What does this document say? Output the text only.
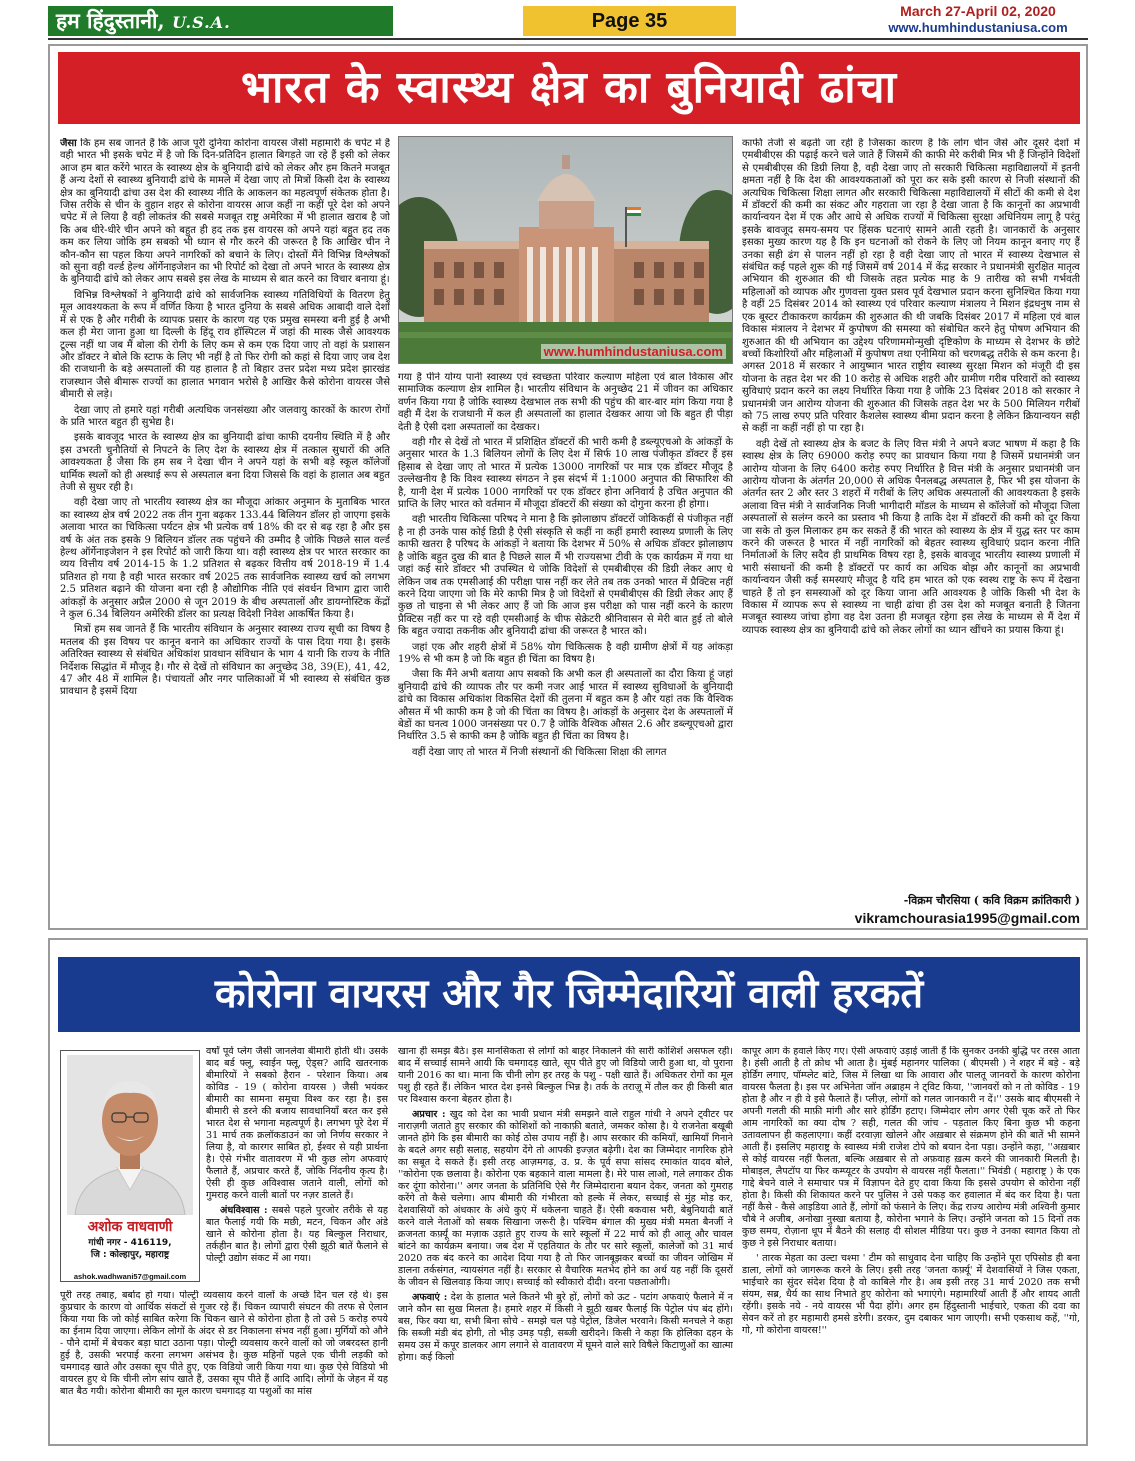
हम हिंदुस्तानी, U.S.A.	Page 35	March 27-April 02, 2020
www.humhindustaniusa.com
भारत के स्वास्थ्य क्षेत्र का बुनियादी ढांचा

जैसा कि हम सब जानते हैं कि आज पूरी दुनिया कोरोना वायरस जैसी महामारी के चपेट में है वही भारत भी इसके चपेट में है जो कि दिन-प्रतिदिन हालात बिगड़ते जा रहे हैं इसी को लेकर आज हम बात करेंगे भारत के स्वास्थ्य क्षेत्र के बुनियादी ढांचे को लेकर और हम कितने मजबूत हैं अन्य देशों से स्वास्थ्य बुनियादी ढांचे के मामले में देखा जाए तो मित्रों किसी देश के स्वास्थ्य क्षेत्र का बुनियादी ढांचा उस देश की स्वास्थ्य नीति के आकलन का महत्वपूर्ण संकेतक होता है। जिस तरीके से चीन के वुहान शहर से कोरोना वायरस आज कहीं ना कहीं पूरे देश को अपने चपेट में ले लिया है वही लोकतंत्र की सबसे मजबूत राष्ट्र अमेरिका में भी हालात खराब है जो कि अब धीरे-धीरे चीन अपने को बहुत ही हद तक इस वायरस को अपने यहां बहुत हद तक कम कर लिया जोकि हम सबको भी ध्यान से गौर करने की जरूरत है कि आखिर चीन ने कौन-कौन सा पहल किया अपने नागरिकों को बचाने के लिए। दोस्तों मैंने विभिन्न विश्लेषकों को सुना वही वर्ल्ड हेल्थ ऑर्गेनाइजेशन का भी रिपोर्ट को देखा तो अपने भारत के स्वास्थ्य क्षेत्र के बुनियादी ढांचे को लेकर आप सबसे इस लेख के माध्यम से बात करने का विचार बनाया हूं।

विभिन्न विश्लेषकों ने बुनियादी ढांचे को सार्वजनिक स्वास्थ्य गतिविधियों के वितरण हेतु मूल आवश्यकता के रूप में वर्णित किया है भारत दुनिया के सबसे अधिक आबादी वाले देशों में से एक है और गरीबी के व्यापक प्रसार के कारण यह एक प्रमुख समस्या बनी हुई है अभी कल ही मेरा जाना हुआ था दिल्ली के हिंदू राव हॉस्पिटल में जहां की मास्क जैसे आवश्यक टूल्स नहीं था जब मैं बोला की रोगी के लिए कम से कम एक दिया जाए तो वहां के प्रशासन और डॉक्टर ने बोले कि स्टाफ के लिए भी नहीं है तो फिर रोगी को कहां से दिया जाए जब देश की राजधानी के बड़े अस्पतालों की यह हालात है तो बिहार उत्तर प्रदेश मध्य प्रदेश झारखंड राजस्थान जैसे बीमारू राज्यों का हालात भगवान भरोसे है आखिर कैसे कोरोना वायरस जैसे बीमारी से लड़े।

देखा जाए तो हमारे यहां गरीबी अत्यधिक जनसंख्या और जलवायु कारकों के कारण रोगों के प्रति भारत बहुत ही सुभेद्य है।

इसके बावजूद भारत के स्वास्थ्य क्षेत्र का बुनियादी ढांचा काफी दयनीय स्थिति में है और इस उभरती चुनौतियों से निपटने के लिए देश के स्वास्थ्य क्षेत्र में तत्काल सुधारों की अति आवश्यकता है जैसा कि हम सब ने देखा चीन ने अपने यहां के सभी बड़े स्कूल कॉलेजों धार्मिक स्थलों को ही अस्थाई रूप से अस्पताल बना दिया जिससे कि वहां के हालात अब बहुत तेजी से सुधर रही है।

वही देखा जाए तो भारतीय स्वास्थ्य क्षेत्र का मौजूदा आंकार अनुमान के मुताबिक भारत का स्वास्थ्य क्षेत्र वर्ष 2022 तक तीन गुना बढ़कर 133.44 बिलियन डॉलर हो जाएगा इसके अलावा भारत का चिकित्सा पर्यटन क्षेत्र भी प्रत्येक वर्ष 18% की दर से बढ़ रहा है और इस वर्ष के अंत तक इसके 9 बिलियन डॉलर तक पहुंचने की उम्मीद है जोकि पिछले साल वर्ल्ड हेल्थ ऑर्गेनाइजेशन ने इस रिपोर्ट को जारी किया था। वही स्वास्थ्य क्षेत्र पर भारत सरकार का व्यय वित्तीय वर्ष 2014-15 के 1.2 प्रतिशत से बढ़कर वित्तीय वर्ष 2018-19 में 1.4 प्रतिशत हो गया है वही भारत सरकार वर्ष 2025 तक सार्वजनिक स्वास्थ्य खर्च को लगभग 2.5 प्रतिशत बढ़ाने की योजना बना रही है औद्योगिक नीति एवं संवर्धन विभाग द्वारा जारी आंकड़ों के अनुसार अप्रैल 2000 से जून 2019 के बीच अस्पतालों और डायग्नोस्टिक केंद्रों ने कुल 6.34 बिलियन अमेरिकी डॉलर का प्रत्यक्ष विदेशी निवेश आकर्षित किया है।

मित्रों हम सब जानते हैं कि भारतीय संविधान के अनुसार स्वास्थ्य राज्य सूची का विषय है मतलब की इस विषय पर कानून बनाने का अधिकार राज्यों के पास दिया गया है। इसके अतिरिक्त स्वास्थ्य से संबंधित अधिकांश प्रावधान संविधान के भाग 4 यानी कि राज्य के नीति निर्देशक सिद्धांत में मौजूद है। गौर से देखें तो संविधान का अनुच्छेद 38, 39(E), 41, 42, 47 और 48 में शामिल है। पंचायतों और नगर पालिकाओं में भी स्वास्थ्य से संबंधित कुछ प्रावधान है इसमें दिया

www.humhindustaniusa.com

गया है पीने योग्य पानी स्वास्थ्य एवं स्वच्छता परिवार कल्याण महिला एवं बाल विकास और सामाजिक कल्याण क्षेत्र शामिल है। भारतीय संविधान के अनुच्छेद 21 में जीवन का अधिकार वर्णन किया गया है जोकि स्वास्थ्य देखभाल तक सभी की पहुंच की बार-बार मांग किया गया है वही मैं देश के राजधानी में कल ही अस्पतालों का हालात देखकर आया जो कि बहुत ही पीड़ा देती है ऐसी दशा अस्पतालों का देखकर।

वही गौर से देखें तो भारत में प्रशिक्षित डॉक्टरों की भारी कमी है डब्ल्यूएचओ के आंकड़ों के अनुसार भारत के 1.3 बिलियन लोगों के लिए देश में सिर्फ 10 लाख पंजीकृत डॉक्टर हैं इस हिसाब से देखा जाए तो भारत में प्रत्येक 13000 नागरिकों पर मात्र एक डॉक्टर मौजूद है उल्लेखनीय है कि विश्व स्वास्थ्य संगठन ने इस संदर्भ में 1:1000 अनुपात की सिफारिश की है, यानी देश में प्रत्येक 1000 नागरिकों पर एक डॉक्टर होना अनिवार्य है उचित अनुपात की प्राप्ति के लिए भारत को वर्तमान में मौजूदा डॉक्टरों की संख्या को दोगुना करना ही होगा।

वही भारतीय चिकित्सा परिषद ने माना है कि झोलाछाप डॉक्टरों जोकिकहीं से पंजीकृत नहीं है ना ही उनके पास कोई डिग्री है ऐसी संस्कृति से कहीं ना कहीं हमारी स्वास्थ्य प्रणाली के लिए काफी खतरा है परिषद के आंकड़ों ने बताया कि देशभर में 50% से अधिक डॉक्टर झोलाछाप है जोकि बहुत दुख की बात है पिछले साल मैं भी राज्यसभा टीवी के एक कार्यक्रम में गया था जहां कई सारे डॉक्टर भी उपस्थित थे जोकि विदेशों से एमबीबीएस की डिग्री लेकर आए थे लेकिन जब तक एमसीआई की परीक्षा पास नहीं कर लेते तब तक उनको भारत में प्रैक्टिस नहीं करने दिया जाएगा जो कि मेरे काफी मित्र है जो विदेशों से एमबीबीएस की डिग्री लेकर आए हैं कुछ तो चाइना से भी लेकर आए हैं जो कि आज इस परीक्षा को पास नहीं करने के कारण प्रैक्टिस नहीं कर पा रहे वही एमसीआई के चीफ सेक्रेटरी श्रीनिवासन से मेरी बात हुई तो बोले कि बहुत ज्यादा तकनीक और बुनियादी ढांचा की जरूरत है भारत को।

जहां एक और शहरी क्षेत्रों में 58% योग चिकित्सक है वही ग्रामीण क्षेत्रों में यह आंकड़ा 19% से भी कम है जो कि बहुत ही चिंता का विषय है।

जैसा कि मैंने अभी बताया आप सबको कि अभी कल ही अस्पतालों का दौरा किया हूं जहां बुनियादी ढांचे की व्यापक तौर पर कमी नजर आई भारत में स्वास्थ्य सुविधाओं के बुनियादी ढांचे का विकास अधिकांश विकसित देशों की तुलना में बहुत कम है और यहां तक कि वैश्विक औसत में भी काफी कम है जो की चिंता का विषय है। आंकड़ों के अनुसार देश के अस्पतालों में बेडों का घनत्व 1000 जनसंख्या पर 0.7 है जोकि वैश्विक औसत 2.6 और डब्ल्यूएचओ द्वारा निर्धारित 3.5 से काफी कम है जोकि बहुत ही चिंता का विषय है।

वहीं देखा जाए तो भारत में निजी संस्थानों की चिकित्सा शिक्षा की लागत

काफी तेजी से बढ़ती जा रही है जिसका कारण है कि लोग चीन जैसे और दूसरे देशों में एमबीबीएस की पढ़ाई करने चले जाते हैं जिसमें की काफी मेरे करीबी मित्र भी हैं जिन्होंने विदेशों से एमबीबीएस की डिग्री लिया है, वही देखा जाए तो सरकारी चिकित्सा महाविद्यालयों में इतनी क्षमता नहीं है कि देश की आवश्यकताओं को पूरा कर सके इसी कारण से निजी संस्थानों की अत्यधिक चिकित्सा शिक्षा लागत और सरकारी चिकित्सा महाविद्यालयों में सीटों की कमी से देश में डॉक्टरों की कमी का संकट और गहराता जा रहा है देखा जाता है कि कानूनों का अप्रभावी कार्यान्वयन देश में एक और आधे से अधिक राज्यों में चिकित्सा सुरक्षा अधिनियम लागू है परंतु इसके बावजूद समय-समय पर हिंसक घटनाएं सामने आती रहती है। जानकारों के अनुसार इसका मुख्य कारण यह है कि इन घटनाओं को रोकने के लिए जो नियम कानून बनाए गए हैं उनका सही ढंग से पालन नहीं हो रहा है वही देखा जाए तो भारत में स्वास्थ्य देखभाल से संबंधित कई पहले शुरू की गई जिसमें वर्ष 2014 में केंद्र सरकार ने प्रधानमंत्री सुरक्षित मातृत्व अभियान की शुरुआत की थी जिसके तहत प्रत्येक माह के 9 तारीख को सभी गर्भवती महिलाओं को व्यापक और गुणवत्ता युक्त प्रसव पूर्व देखभाल प्रदान करना सुनिश्चित किया गया है वहीं 25 दिसंबर 2014 को स्वास्थ्य एवं परिवार कल्याण मंत्रालय ने मिशन इंद्रधनुष नाम से एक बूस्टर टीकाकरण कार्यक्रम की शुरुआत की थी जबकि दिसंबर 2017 में महिला एवं बाल विकास मंत्रालय ने देशभर में कुपोषण की समस्या को संबोधित करने हेतु पोषण अभियान की शुरुआत की थी अभियान का उद्देश्य परिणाममोन्मुखी दृष्टिकोण के माध्यम से देशभर के छोटे बच्चों किशोरियों और महिलाओं में कुपोषण तथा एनीमिया को चरणबद्ध तरीके से कम करना है। अगस्त 2018 में सरकार ने आयुष्मान भारत राष्ट्रीय स्वास्थ्य सुरक्षा मिशन को मंजूरी दी इस योजना के तहत देश भर की 10 करोड़ से अधिक शहरी और ग्रामीण गरीब परिवारों को स्वास्थ्य सुविधाएं प्रदान करने का लक्ष्य निर्धारित किया गया है जोकि 23 दिसंबर 2018 को सरकार ने प्रधानमंत्री जन आरोग्य योजना की शुरुआत की जिसके तहत देश भर के 500 मिलियन गरीबों को 75 लाख रुपए प्रति परिवार कैशलेस स्वास्थ्य बीमा प्रदान करना है लेकिन क्रियान्वयन सही से कहीं ना कहीं नहीं हो पा रहा है।

वही देखें तो स्वास्थ्य क्षेत्र के बजट के लिए वित्त मंत्री ने अपने बजट भाषण में कहा है कि स्वास्थ क्षेत्र के लिए 69000 करोड़ रुपए का प्रावधान किया गया है जिसमें प्रधानमंत्री जन आरोग्य योजना के लिए 6400 करोड़ रुपए निर्धारित है वित्त मंत्री के अनुसार प्रधानमंत्री जन आरोग्य योजना के अंतर्गत 20,000 से अधिक पैनलबद्ध अस्पताल है, फिर भी इस योजना के अंतर्गत स्तर 2 और स्तर 3 शहरों में गरीबों के लिए अधिक अस्पतालों की आवश्यकता है इसके अलावा वित्त मंत्री ने सार्वजनिक निजी भागीदारी मॉडल के माध्यम से कॉलेजों को मौजूदा जिला अस्पतालों से सलंग्न करने का प्रस्ताव भी किया है ताकि देश में डॉक्टरों की कमी को दूर किया जा सके तो कुल मिलाकर हम कर सकते हैं की भारत को स्वास्थ्य के क्षेत्र में युद्ध स्तर पर काम करने की जरूरत है भारत में नहीं नागरिकों को बेहतर स्वास्थ्य सुविधाएं प्रदान करना नीति निर्माताओं के लिए सदैव ही प्राथमिक विषय रहा है, इसके बावजूद भारतीय स्वास्थ्य प्रणाली में भारी संसाधनों की कमी है डॉक्टरों पर कार्य का अधिक बोझ और कानूनों का अप्रभावी कार्यान्वयन जैसी कई समस्याएं मौजूद है यदि हम भारत को एक स्वस्थ राष्ट्र के रूप में देखना चाहते हैं तो इन समस्याओं को दूर किया जाना अति आवश्यक है जोकि किसी भी देश के विकास में व्यापक रूप से स्वास्थ्य ना चाही ढांचा ही उस देश को मजबूत बनाती है जितना मजबूत स्वास्थ्य जांचा होगा वह देश उतना ही मजबूत रहेगा इस लेख के माध्यम से मैं देश में व्यापक स्वास्थ्य क्षेत्र का बुनियादी ढांचे को लेकर लोगों का ध्यान खींचने का प्रयास किया हूं।

-विक्रम चौरसिया ( कवि विक्रम क्रांतिकारी )
vikramchourasia1995@gmail.com
कोरोना वायरस और गैर जिम्मेदारियों वाली हरकतें

वर्षों पूर्व प्लेग जैसी जानलेवा बीमारी होती थी। उसके बाद बर्ड फ्लू, स्वाईन फ्लू, ऐड्स? आदि खतरनाक बीमारियों ने सबको हैरान - परेशान किया। अब कोविड - 19 ( कोरोना वायरस ) जैसी भयंकर बीमारी का सामना समूचा विश्व कर रहा है। इस बीमारी से डरने की बजाय सावधानियाँ बरत कर इसे भारत देश से भगाना महत्वपूर्ण है। लगभग पूरे देश में 31 मार्च तक क्रलॉकडाउनं का जो निर्णय सरकार ने लिया है, वो कारगर साबित हो, ईश्वर से यही प्रार्थना है। ऐसे गंभीर वातावरण में भी कुछ लोग अफवाएं फैलाते हैं, अप्रचार करते हैं, जोकि निंदनीय कृत्य है। ऐसी ही कुछ अविश्वास जताने वाली, लोगों को गुमराह करने वाली बातों पर नज़र डालते हैं।

अंधविश्वास : सबसे पहले पुरजोर तरीके से यह बात फैलाई गयी कि मछी, मटन, चिकन और अंडे खाने से कोरोना होता है। यह बिल्कुल निराधार, तर्कहीन बात है। लोगों द्वारा ऐसी झूठी बातें फैलाने से पोल्ट्री उद्योग संकट में आ गया।

अशोक वाधवाणी
गांधी नगर - 416119,
जि : कोल्हापुर, महाराष्ट्र
ashok.wadhwani57@gmail.com

पूरी तरह तबाह, बर्बाद हो गया। पोल्ट्री व्यवसाय करने वालों के अच्छे दिन चल रहे थे। इस कुप्रचार के कारण वो आर्थिक संकटों से गुजर रहे हैं। चिकन व्यापारी संघटन की तरफ से ऐलान किया गया कि जो कोई साबित करेगा कि चिकन खाने से कोरोना होता है तो उसे 5 करोड़ रुपये का ईनाम दिया जाएगा। लेकिन लोगों के अंदर से डर निकालना संभव नहीं हुआ। मुर्गियों को औने - पौने दामों में बेचकर बड़ा घाटा उठाना पड़ा। पोल्ट्री व्यवसाय करने वालों को जो जबरदस्त हानी हुई है, उसकी भरपाई करना लगभग असंभव है। कुछ महिनों पहले एक चीनी लड़की को चमगादड़ खाते और उसका सूप पीते हुए, एक विडियो जारी किया गया था। कुछ ऐसे विडियो भी वायरल हुए थे कि चीनी लोग सांप खाते हैं, उसका सूप पीते हैं आदि आदि। लोगों के जेहन में यह बात बैठ गयी। कोरोना बीमारी का मूल कारण चमगादड़ या पशुओं का मांस

खाना ही समझ बैठे। इस मानसिकता से लोगों को बाहर निकालने की सारी कोशिशें असफल रही। बाद में सच्चाई सामने आयी कि चमगादड़ खाते, सूप पीते हुए जो विडियो जारी हुआ था, वो पुराना यानी 2016 का था। माना कि चीनी लोग हर तरह के पशु - पक्षी खाते हैं। अधिकतर रोगों का मूल पशु ही रहते हैं। लेकिन भारत देश इनसे बिल्कुल भिन्न है। तर्क के तराज़ू में तौल कर ही किसी बात पर विश्वास करना बेहतर होता है।

अप्रचार : खुद को देश का भावी प्रधान मंत्री समझने वाले राहुल गांधी ने अपने ट्वीटर पर नाराज़गी जताते हुए सरकार की कोशिशों को नाकाफ़ी बताते, जमकर कोसा है। ये राजनेता बखूबी जानते होंगे कि इस बीमारी का कोई ठोस उपाय नहीं है। आप सरकार की कमियाँ, खामियाँ गिनाने के बदले अगर सही सलाह, सहयोग देंगे तो आपकी इज्ज़त बढ़ेगी। देश का जिम्मेदार नागरिक होने का सबूत दे सकते हैं। इसी तरह आज़मगढ़, उ. प्र. के पूर्व सपा सांसद रमाकांत यादव बोले, ''कोरोना एक छलावा है। कोरोना एक बहकाने वाला मामला है। मेरे पास लाओ, गले लगाकर ठीक कर दूंगा कोरोना।'' अगर जनता के प्रतिनिधि ऐसे गैर जिम्मेदाराना बयान देकर, जनता को गुमराह करेंगे तो कैसे चलेगा। आप बीमारी की गंभीरता को हल्के में लेकर, सच्चाई से मुंह मोड़ कर, देशवासियों को अंधकार के अंधे कुएं में धकेलना चाहते हैं। ऐसी बकवास भरी, बेबुनियादी बातें करने वाले नेताओं को सबक सिखाना जरूरी है। पश्चिम बंगाल की मुख्य मंत्री ममता बैनर्जी ने क्रजनता कर्फ़्यूं का मज़ाक उड़ाते हुए राज्य के सारे स्कूलों में 22 मार्च को ही आलू और चावल बांटने का कार्यक्रम बनाया। जब देश में एहतियात के तौर पर सारे स्कूलों, कालेजों को 31 मार्च 2020 तक बंद करने का आदेश दिया गया है तो फिर जानबूझकर बच्चों का जीवन जोखिम में डालना तर्कसंगत, न्यायसंगत नहीं है। सरकार से वैचारिक मतभेद होने का अर्थ यह नहीं कि दूसरों के जीवन से खिलवाड़ किया जाए। सच्चाई को स्वीकारो दीदी। वरना पछताओगी।

अफवाएं : देश के हालात भले कितने भी बुरे हों, लोगों को ऊट - पटांग अफवाएं फैलाने में न जाने कौन सा सुख मिलता है। हमारे शहर में किसी ने झूठी खबर फैलाई कि पेट्रोल पंप बंद होंगे। बस, फिर क्या था, सभी बिना सोचे - समझे चल पड़े पेट्रोल, डिजेल भरवाने। किसी मनचले ने कहा कि सब्जी मंडी बंद होगी, तो भीड़ उमड़ पड़ी, सब्जी खरीदने। किसी ने कहा कि होलिका दहन के समय उस में कपूर डालकर आग लगाने से वातावरण में घूमने वाले सारे विषैले किटाणुओं का खात्मा होगा। कई किलो

कापूर आग के हवाले किए गए। ऐसी अफवाएं उड़ाई जाती हैं कि सुनकर उनकी बुद्धि पर तरस आता है। हंसी आती है तो क्रोध भी आता है। मुंबई महानगर पालिका ( बीएमसी ) ने शहर में बड़े - बड़े होर्डिंग लगाए, पॉम्प्लेट बांटे, जिस में लिखा था कि आवारा और पालतू जानवरों के कारण कोरोना वायरस फैलता है। इस पर अभिनेता जॉन अब्राहम ने ट्विट किया, ''जानवरों को न तो कोविड - 19 होता है और न ही वे इसे फैलाते हैं। प्लीज़, लोगों को गलत जानकारी न दें।'' उसके बाद बीएमसी ने अपनी गलती की माफ़ी मांगी और सारे होर्डिंग हटाए। जिम्मेदार लोग अगर ऐसी चूक करें तो फिर आम नागरिकों का क्या दोष ? सही, गलत की जांच - पड़ताल किए बिना कुछ भी कहना उतावलापन ही कहलाएगा। कहीं दरवाज़ा खोलने और अख़बार से संक्रमण होने की बातें भी सामने आती हैं। इसलिए महाराष्ट्र के स्वास्थ्य मंत्री राजेश टोपे को बयान देना पड़ा। उन्होंने कहा, ''अख़बार से कोई वायरस नहीं फैलता, बल्कि अख़बार से तो अफ़वाह ख़त्म करने की जानकारी मिलती है। मोबाइल, लैपटॉप या फिर कम्प्यूटर के उपयोग से वायरस नहीं फैलता।'' भिवंडी ( महाराष्ट्र ) के एक गाद्दे बेचने वाले ने समाचार पत्र में विज्ञापन देते हुए दावा किया कि इससे उपयोग से कोरोना नहीं होता है। किसी की शिकायत करने पर पुलिस ने उसे पकड़ कर हवालात में बंद कर दिया है। पता नहीं कैसे - कैसे आइडिया आते हैं, लोगों को फंसाने के लिए। केंद्र राज्य आरोग्य मंत्री अश्विनी कुमार चौबे ने अजीब, अनोखा नुस्खा बताया है, कोरोना भगाने के लिए। उन्होंने जनता को 15 दिनों तक कुछ समय, रोज़ाना धूप में बैठने की सलाह दी सोशल मीडिया पर। कुछ ने उनका स्वागत किया तो कुछ ने इसे निराधार बताया।

' तारक मेहता का उल्टा चश्मा ' टीम को साधुवाद देना चाहिए कि उन्होंने पूरा एपिसोड ही बना डाला, लोगों को जागरूक करने के लिए। इसी तरह 'जनता कर्फ़्यू' में देशवासियों ने जिस एकता, भाईचारे का सुंदर संदेश दिया है वो काबिले गौर है। अब इसी तरह 31 मार्च 2020 तक सभी संयम, सब्र, धैर्य का साथ निभाते हुए कोरोना को भगाएंगे। महामारियाँ आती हैं और शायद आती रहेंगी। इसके नये - नये वायरस भी पैदा होंगे। अगर हम हिंदुस्तानी भाईचारे, एकता की दवा का सेवन करें तो हर महामारी हमसे डरेगी। डरकर, दुम दबाकर भाग जाएगी। सभी एकसाथ कहें, ''गो, गो, गो कोरोना वायरस!''
